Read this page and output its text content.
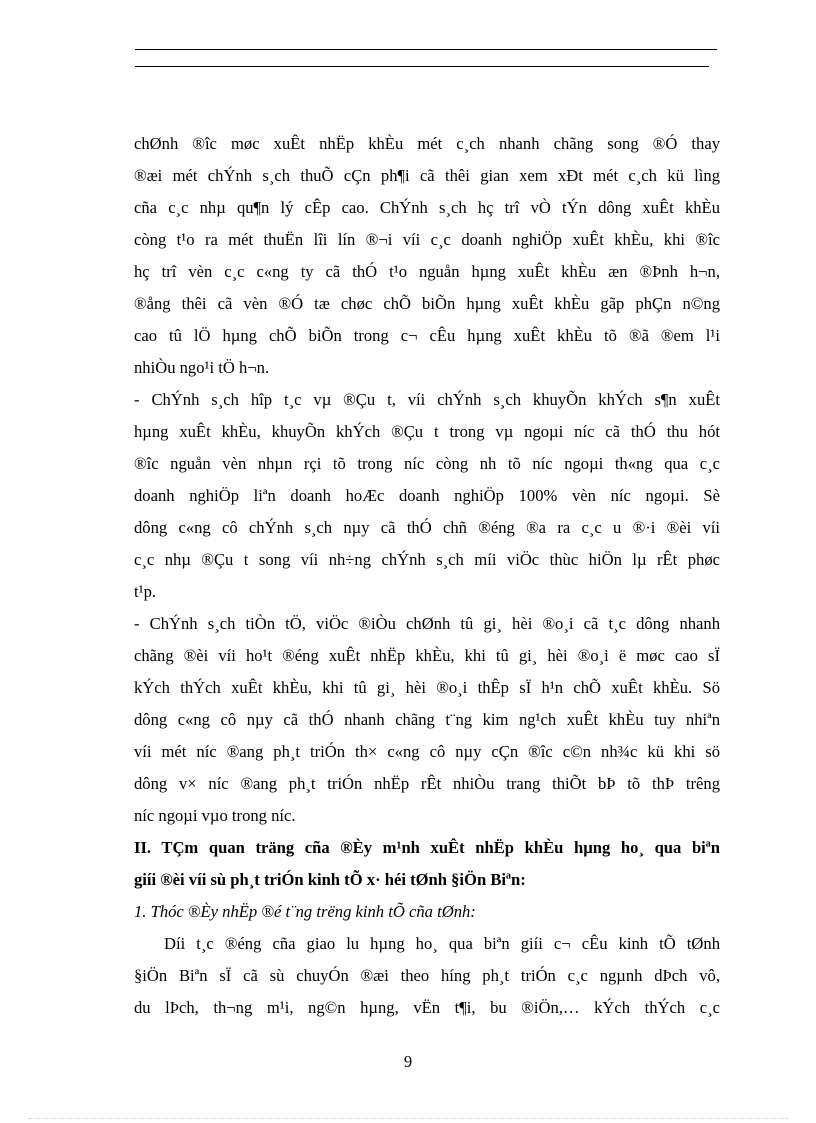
chØnh ®îc møc xuÊt nhËp khÈu mét c¸ch nhanh chãng song ®Ó thay
®æi mét chÝnh s¸ch thuÕ cÇn ph¶i cã thêi gian xem xÐt mét c¸ch kü lìng
cña c¸c nhµ qu¶n lý cÊp cao. ChÝnh s¸ch hç trî vÒ tÝn dông xuÊt khÈu
còng t¹o ra mét thuËn lîi lín ®¬i víi c¸c doanh nghiÖp xuÊt khÈu, khi ®îc
hç trî vèn c¸c c«ng ty cã thÓ t¹o nguån hµng xuÊt khÈu æn ®Þnh h¬n,
®ång thêi cã vèn ®Ó tæ chøc chÕ biÕn hµng xuÊt khÈu gãp phÇn n©ng
cao tû lÖ hµng chÕ biÕn trong c¬ cÊu hµng xuÊt khÈu tõ ®ã ®em l¹i
nhiÒu ngo¹i tÖ h¬n.
- ChÝnh s¸ch hîp t¸c vµ ®Çu t, víi chÝnh s¸ch khuyÕn khÝch s¶n xuÊt
hµng xuÊt khÈu, khuyÕn khÝch ®Çu t trong vµ ngoµi níc cã thÓ thu hót
®îc nguån vèn nhµn rçi tõ trong níc còng nh tõ níc ngoµi th«ng qua c¸c
doanh nghiÖp liªn doanh hoÆc doanh nghiÖp 100% vèn níc ngoµi. Sè
dông c«ng cô chÝnh s¸ch nµy cã thÓ chñ ®éng ®a ra c¸c u ®·i ®èi víi
c¸c nhµ ®Çu t song víi nh÷ng chÝnh s¸ch míi viÖc thùc hiÖn lµ rÊt phøc
t¹p.
- ChÝnh s¸ch tiÒn tÖ, viÖc ®iÒu chØnh tû gi¸ hèi ®o¸i cã t¸c dông nhanh
chãng ®èi víi ho¹t ®éng xuÊt nhËp khÈu, khi tû gi¸ hèi ®o¸i ë møc cao sÏ
kÝch thÝch xuÊt khÈu, khi tû gi¸ hèi ®o¸i thÊp sÏ h¹n chÕ xuÊt khÈu. Sö
dông c«ng cô nµy cã thÓ nhanh chãng t¨ng kim ng¹ch xuÊt khÈu tuy nhiªn
víi mét níc ®ang ph¸t triÓn th× c«ng cô nµy cÇn ®îc c©n nh¾c kü khi sö
dông v× níc ®ang ph¸t triÓn nhËp rÊt nhiÒu trang thiÕt bÞ tõ thÞ trêng
níc ngoµi vµo trong níc.
II. TÇm quan träng cña ®Èy m¹nh xuÊt nhËp khÈu hµng ho¸ qua biªn
giíi ®èi víi sù ph¸t triÓn kinh tÕ x· héi tØnh §iÖn Biªn:
1. Thóc ®Èy nhËp ®é t¨ng trëng kinh tÕ cña tØnh:
Díi t¸c ®éng cña giao lu hµng ho¸ qua biªn giíi c¬ cÊu kinh tÕ tØnh
§iÖn Biªn sÏ cã sù chuyÓn ®æi theo híng ph¸t triÓn c¸c ngµnh dÞch vô,
du lÞch, th¬ng m¹i, ng©n hµng, vËn t¶i, bu ®iÖn,… kÝch thÝch c¸c
9
